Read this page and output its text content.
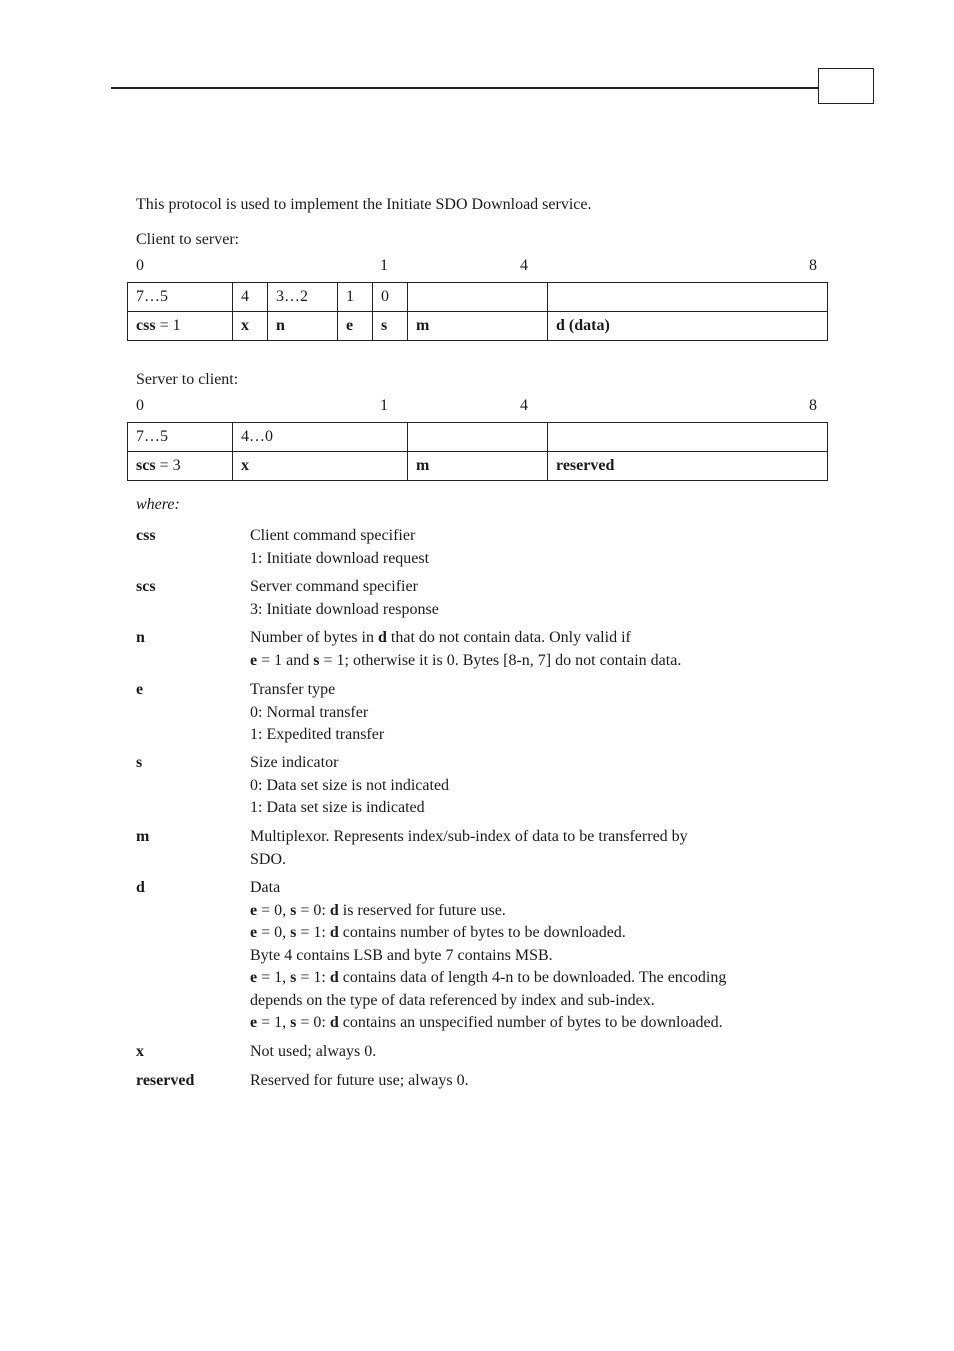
This protocol is used to implement the Initiate SDO Download service.
Client to server:
0	1	4	8
7…5	4	3…2	1	0		
css = 1	x	n	e	s	m	d (data)
Server to client:
0	1	4	8
7…5	4…0		
scs = 3	x	m	reserved
where:
css	Client command specifier
1: Initiate download request
scs	Server command specifier
3: Initiate download response
n	Number of bytes in d that do not contain data. Only valid if
e = 1 and s = 1; otherwise it is 0. Bytes [8-n, 7] do not contain data.
e	Transfer type
0: Normal transfer
1: Expedited transfer
s	Size indicator
0: Data set size is not indicated
1: Data set size is indicated
m	Multiplexor. Represents index/sub-index of data to be transferred by
SDO.
d	Data
e = 0, s = 0: d is reserved for future use.
e = 0, s = 1: d contains number of bytes to be downloaded.
Byte 4 contains LSB and byte 7 contains MSB.
e = 1, s = 1: d contains data of length 4-n to be downloaded. The encoding
depends on the type of data referenced by index and sub-index.
e = 1, s = 0: d contains an unspecified number of bytes to be downloaded.
x	Not used; always 0.
reserved	Reserved for future use; always 0.
